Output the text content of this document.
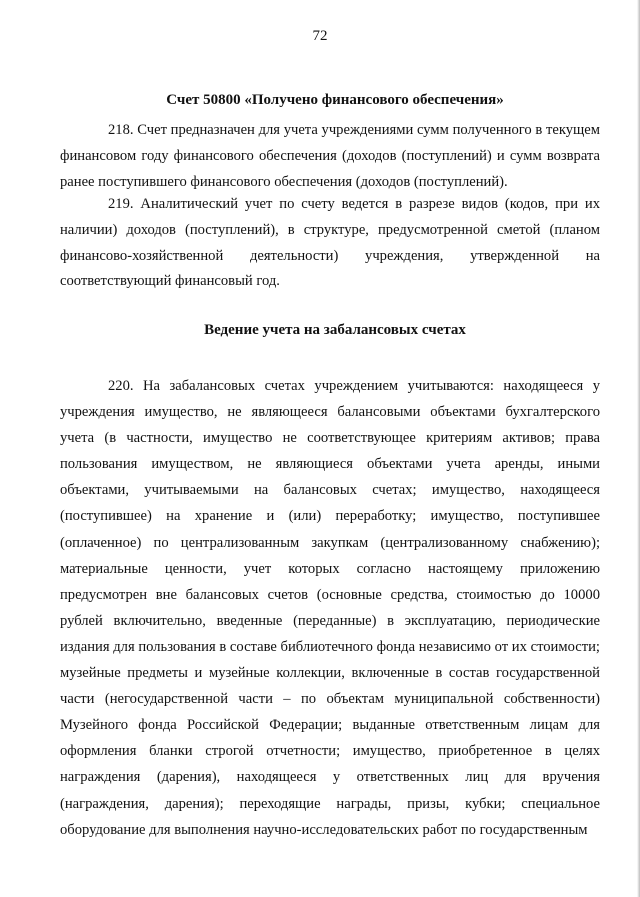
72
Счет 50800 «Получено финансового обеспечения»

218. Счет предназначен для учета учреждениями сумм полученного в текущем финансовом году финансового обеспечения (доходов (поступлений) и сумм возврата ранее поступившего финансового обеспечения (доходов (поступлений).

219. Аналитический учет по счету ведется в разрезе видов (кодов, при их наличии) доходов (поступлений), в структуре, предусмотренной сметой (планом финансово-хозяйственной деятельности) учреждения, утвержденной на соответствующий финансовый год.

Ведение учета на забалансовых счетах

220. На забалансовых счетах учреждением учитываются: находящееся у учреждения имущество, не являющееся балансовыми объектами бухгалтерского учета (в частности, имущество не соответствующее критериям активов; права пользования имуществом, не являющиеся объектами учета аренды, иными объектами, учитываемыми на балансовых счетах; имущество, находящееся (поступившее) на хранение и (или) переработку; имущество, поступившее (оплаченное) по централизованным закупкам (централизованному снабжению); материальные ценности, учет которых согласно настоящему приложению предусмотрен вне балансовых счетов (основные средства, стоимостью до 10000 рублей включительно, введенные (переданные) в эксплуатацию, периодические издания для пользования в составе библиотечного фонда независимо от их стоимости; музейные предметы и музейные коллекции, включенные в состав государственной части (негосударственной части – по объектам муниципальной собственности) Музейного фонда Российской Федерации; выданные ответственным лицам для оформления бланки строгой отчетности; имущество, приобретенное в целях награждения (дарения), находящееся у ответственных лиц для вручения (награждения, дарения); переходящие награды, призы, кубки; специальное оборудование для выполнения научно-исследовательских работ по государственным
